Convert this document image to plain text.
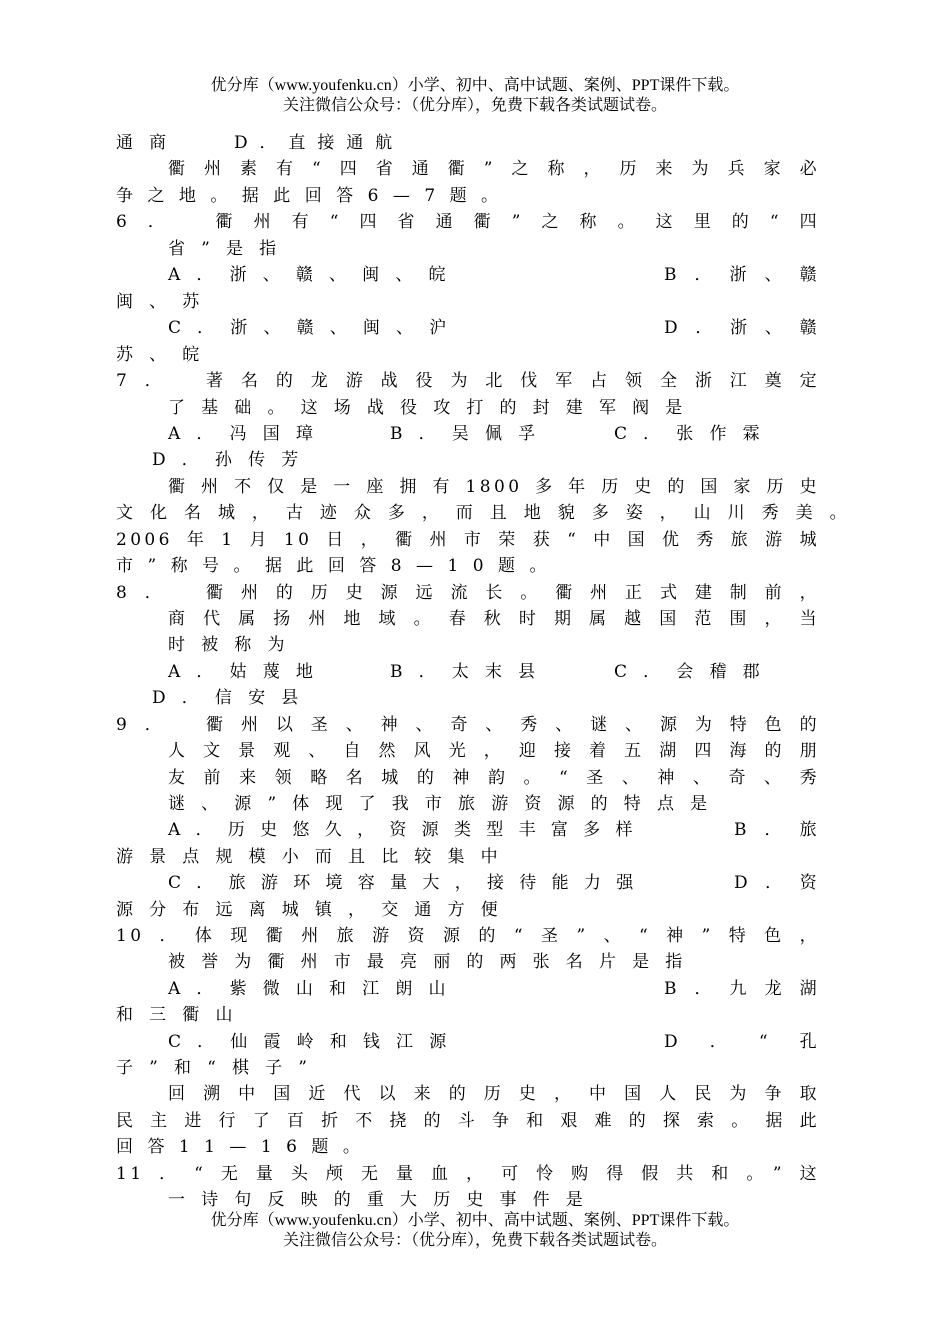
优分库（www.youfenku.cn）小学、初中、高中试题、案例、PPT课件下载。
关注微信公众号：（优分库），免费下载各类试题试卷。
通商	D．直接通航
衢州素有“四省通衢”之称，历来为兵家必
争之地。据此回答6—7题。
6．　衢州有“四省通衢”之称。这里的“四
省”是指
A．浙、赣、闽、皖	B．浙、赣
闽、苏
C．浙、赣、闽、沪	D．浙、赣
苏、皖
7．　著名的龙游战役为北伐军占领全浙江奠定
了基础。这场战役攻打的封建军阀是
A．冯国璋	B．吴佩孚	C．张作霖
D．孙传芳
衢州不仅是一座拥有1800多年历史的国家历史
文化名城，古迹众多，而且地貌多姿，山川秀美。
2006年1月10日，衢州市荣获“中国优秀旅游城
市”称号。据此回答8—10题。
8．　衢州的历史源远流长。衢州正式建制前，
商代属扬州地域。春秋时期属越国范围，当
时被称为
A．姑蔑地	B．太末县	C．会稽郡
D．信安县
9．　衢州以圣、神、奇、秀、谜、源为特色的
人文景观、自然风光，迎接着五湖四海的朋
友前来领略名城的神韵。“圣、神、奇、秀
谜、源”体现了我市旅游资源的特点是
A．历史悠久，资源类型丰富多样	B．旅
游景点规模小而且比较集中
C．旅游环境容量大，接待能力强	D．资
源分布远离城镇，交通方便
10．体现衢州旅游资源的“圣”、“神”特色，
被誉为衢州市最亮丽的两张名片是指
A．紫微山和江朗山	B．九龙湖
和三衢山
C．仙霞岭和钱江源	D．“孔
子”和“棋子”
回溯中国近代以来的历史，中国人民为争取
民主进行了百折不挠的斗争和艰难的探索。据此
回答11—16题。
11．“无量头颅无量血，可怜购得假共和。”这
一诗句反映的重大历史事件是
优分库（www.youfenku.cn）小学、初中、高中试题、案例、PPT课件下载。
关注微信公众号：（优分库），免费下载各类试题试卷。
